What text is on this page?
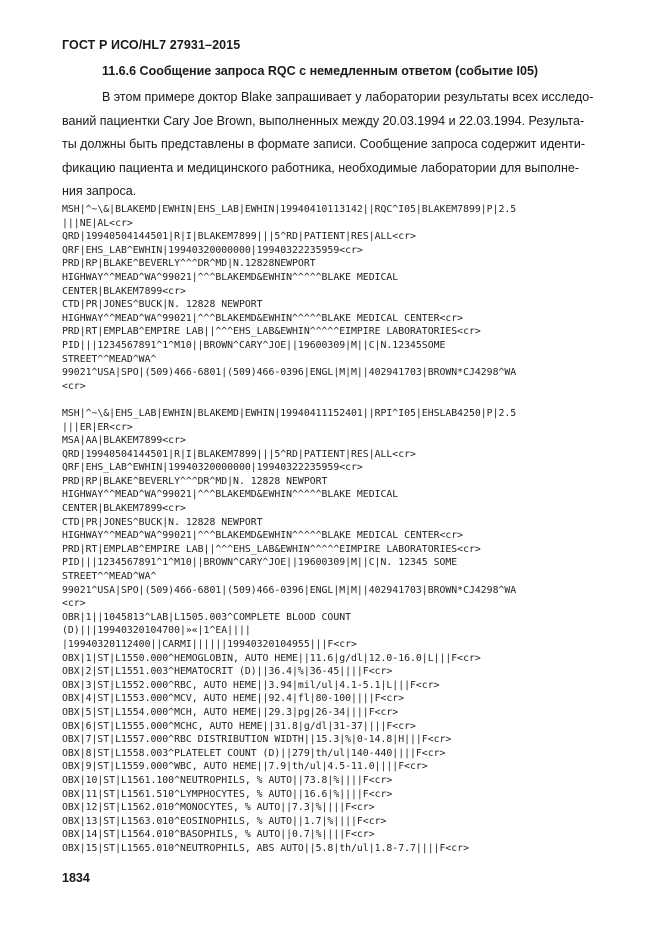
ГОСТ Р ИСО/HL7 27931–2015
11.6.6 Сообщение запроса RQC с немедленным ответом (событие I05)
В этом примере доктор Blake запрашивает у лаборатории результаты всех исследо-
ваний пациентки Cary Joe Brown, выполненных между 20.03.1994 и 22.03.1994. Результа-
ты должны быть представлены в формате записи. Сообщение запроса содержит иденти-
фикацию пациента и медицинского работника, необходимые лаборатории для выполне-
ния запроса.
MSH|^~\&|BLAKEMD|EWHIN|EHS_LAB|EWHIN|19940410113142||RQC^I05|BLAKEM7899|P|2.5
|||NE|AL<cr>
QRD|19940504144501|R|I|BLAKEM7899|||5^RD|PATIENT|RES|ALL<cr>
QRF|EHS_LAB^EWHIN|19940320000000|19940322235959<cr>
PRD|RP|BLAKE^BEVERLY^^^DR^MD|N.12828NEWPORT
HIGHWAY^^MEAD^WA^99021|^^^BLAKEMD&EWHIN^^^^^BLAKE MEDICAL
CENTER|BLAKEM7899<cr>
CTD|PR|JONES^BUCK|N. 12828 NEWPORT
HIGHWAY^^MEAD^WA^99021|^^^BLAKEMD&EWHIN^^^^^BLAKE MEDICAL CENTER<cr>
PRD|RT|EMPLAB^EMPIRE LAB||^^^EHS_LAB&EWHIN^^^^^EIMPIRE LABORATORIES<cr>
PID|||1234567891^1^M10||BROWN^CARY^JOE||19600309|M||C|N.12345SOME
STREET^^MEAD^WA^
99021^USA|SPO|(509)466-6801|(509)466-0396|ENGL|M|M||402941703|BROWN*CJ4298^WA
<cr>
MSH|^~\&|EHS_LAB|EWHIN|BLAKEMD|EWHIN|19940411152401||RPI^I05|EHSLAB4250|P|2.5
|||ER|ER<cr>
MSA|AA|BLAKEM7899<cr>
QRD|19940504144501|R|I|BLAKEM7899|||5^RD|PATIENT|RES|ALL<cr>
QRF|EHS_LAB^EWHIN|19940320000000|19940322235959<cr>
PRD|RP|BLAKE^BEVERLY^^^DR^MD|N. 12828 NEWPORT
HIGHWAY^^MEAD^WA^99021|^^^BLAKEMD&EWHIN^^^^^BLAKE MEDICAL
CENTER|BLAKEM7899<cr>
CTD|PR|JONES^BUCK|N. 12828 NEWPORT
HIGHWAY^^MEAD^WA^99021|^^^BLAKEMD&EWHIN^^^^^BLAKE MEDICAL CENTER<cr>
PRD|RT|EMPLAB^EMPIRE LAB||^^^EHS_LAB&EWHIN^^^^^EIMPIRE LABORATORIES<cr>
PID|||1234567891^1^M10||BROWN^CARY^JOE||19600309|M||C|N. 12345 SOME
STREET^^MEAD^WA^
99021^USA|SPO|(509)466-6801|(509)466-0396|ENGL|M|M||402941703|BROWN*CJ4298^WA
<cr>
OBR|1||1045813^LAB|L1505.003^COMPLETE BLOOD COUNT
(D)|||19940320104700|»«|1^EA||||
|19940320112400||CARMI||||||19940320104955|||F<cr>
OBX|1|ST|L1550.000^HEMOGLOBIN, AUTO HEME||11.6|g/dl|12.0-16.0|L|||F<cr>
OBX|2|ST|L1551.003^HEMATOCRIT (D)||36.4|%|36-45||||F<cr>
OBX|3|ST|L1552.000^RBC, AUTO HEME||3.94|mil/ul|4.1-5.1|L|||F<cr>
OBX|4|ST|L1553.000^MCV, AUTO HEME||92.4|fl|80-100||||F<cr>
OBX|5|ST|L1554.000^MCH, AUTO HEME||29.3|pg|26-34||||F<cr>
OBX|6|ST|L1555.000^MCHC, AUTO HEME||31.8|g/dl|31-37||||F<cr>
OBX|7|ST|L1557.000^RBC DISTRIBUTION WIDTH||15.3|%|0-14.8|H|||F<cr>
OBX|8|ST|L1558.003^PLATELET COUNT (D)||279|th/ul|140-440||||F<cr>
OBX|9|ST|L1559.000^WBC, AUTO HEME||7.9|th/ul|4.5-11.0||||F<cr>
OBX|10|ST|L1561.100^NEUTROPHILS, % AUTO||73.8|%||||F<cr>
OBX|11|ST|L1561.510^LYMPHOCYTES, % AUTO||16.6|%||||F<cr>
OBX|12|ST|L1562.010^MONOCYTES, % AUTO||7.3|%||||F<cr>
OBX|13|ST|L1563.010^EOSINOPHILS, % AUTO||1.7|%||||F<cr>
OBX|14|ST|L1564.010^BASOPHILS, % AUTO||0.7|%||||F<cr>
OBX|15|ST|L1565.010^NEUTROPHILS, ABS AUTO||5.8|th/ul|1.8-7.7||||F<cr>
1834
